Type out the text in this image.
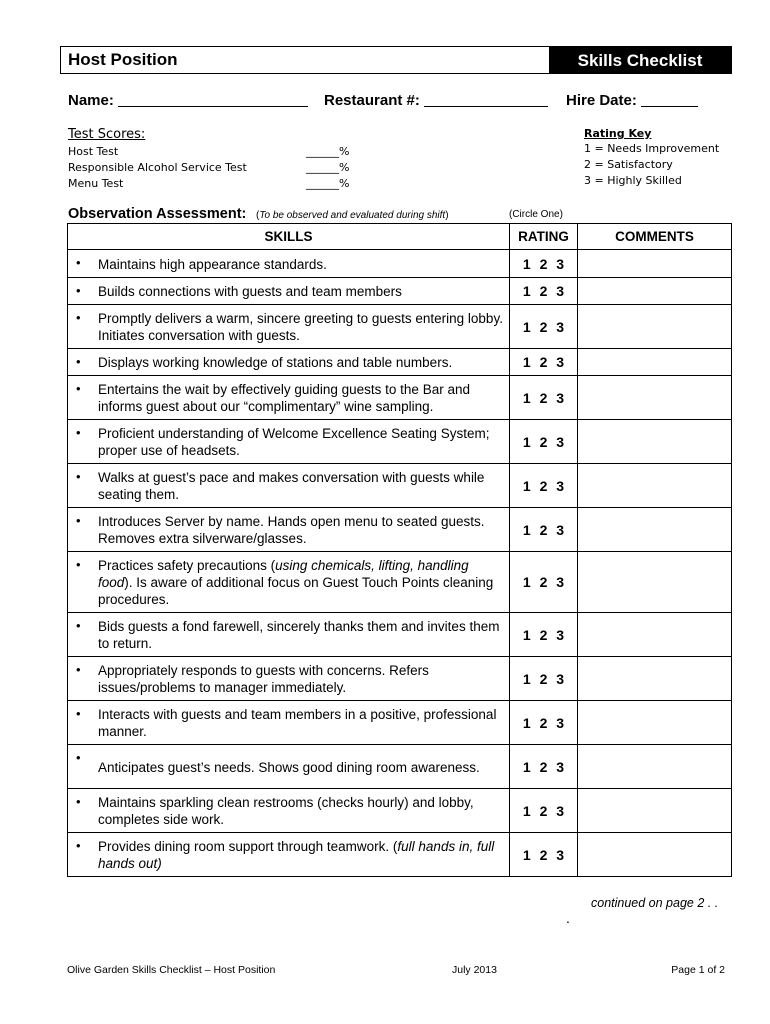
Host Position	Skills Checklist
Name:	Restaurant #:	Hire Date:
Test Scores:
Host Test	______%
Responsible Alcohol Service Test	______%
Menu Test	______%
Rating Key
1 = Needs Improvement
2 = Satisfactory
3 = Highly Skilled
Observation Assessment: (To be observed and evaluated during shift)	(Circle One)
SKILLS	RATING	COMMENTS

• Maintains high appearance standards.	1 2 3	

• Builds connections with guests and team members	1 2 3	

• Promptly delivers a warm, sincere greeting to guests entering lobby. Initiates conversation with guests.	1 2 3	

• Displays working knowledge of stations and table numbers.	1 2 3	

• Entertains the wait by effectively guiding guests to the Bar and informs guest about our “complimentary” wine sampling.	1 2 3	

• Proficient understanding of Welcome Excellence Seating System; proper use of headsets.	1 2 3	

• Walks at guest’s pace and makes conversation with guests while seating them.	1 2 3	

• Introduces Server by name. Hands open menu to seated guests. Removes extra silverware/glasses.	1 2 3	

• Practices safety precautions (using chemicals, lifting, handling food). Is aware of additional focus on Guest Touch Points cleaning procedures.	1 2 3	

• Bids guests a fond farewell, sincerely thanks them and invites them to return.	1 2 3	

• Appropriately responds to guests with concerns. Refers issues/problems to manager immediately.	1 2 3	

• Interacts with guests and team members in a positive, professional manner.	1 2 3	

•
Anticipates guest’s needs. Shows good dining room awareness.	1 2 3	

• Maintains sparkling clean restrooms (checks hourly) and lobby, completes side work.	1 2 3	

• Provides dining room support through teamwork. (full hands in, full hands out)	1 2 3	
continued on page 2 . .
.
Olive Garden Skills Checklist – Host Position	July 2013	Page 1 of 2
